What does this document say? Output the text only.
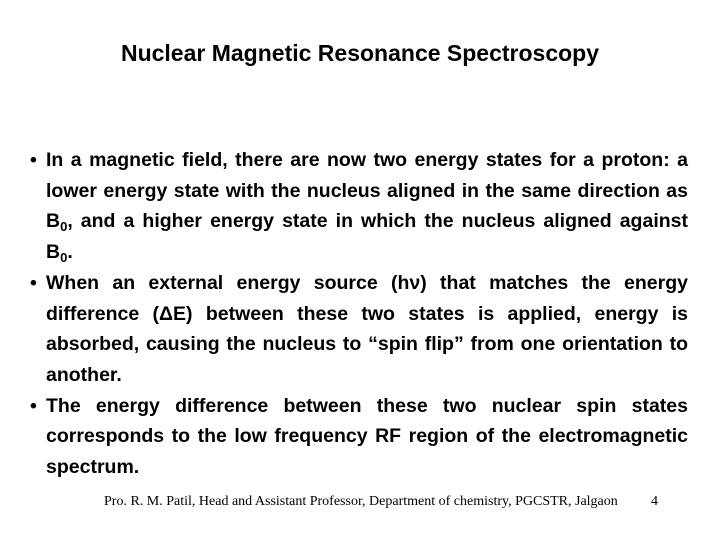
Nuclear Magnetic Resonance Spectroscopy
• In a magnetic field, there are now two energy states for a proton: a lower energy state with the nucleus aligned in the same direction as $B_0$, and a higher energy state in which the nucleus aligned against $B_0$.
• When an external energy source (hν) that matches the energy difference (ΔE) between these two states is applied, energy is absorbed, causing the nucleus to “spin flip” from one orientation to another.
• The energy difference between these two nuclear spin states corresponds to the low frequency RF region of the electromagnetic spectrum.
Pro. R. M. Patil, Head and Assistant Professor, Department of chemistry, PGCSTR, Jalgaon 4
